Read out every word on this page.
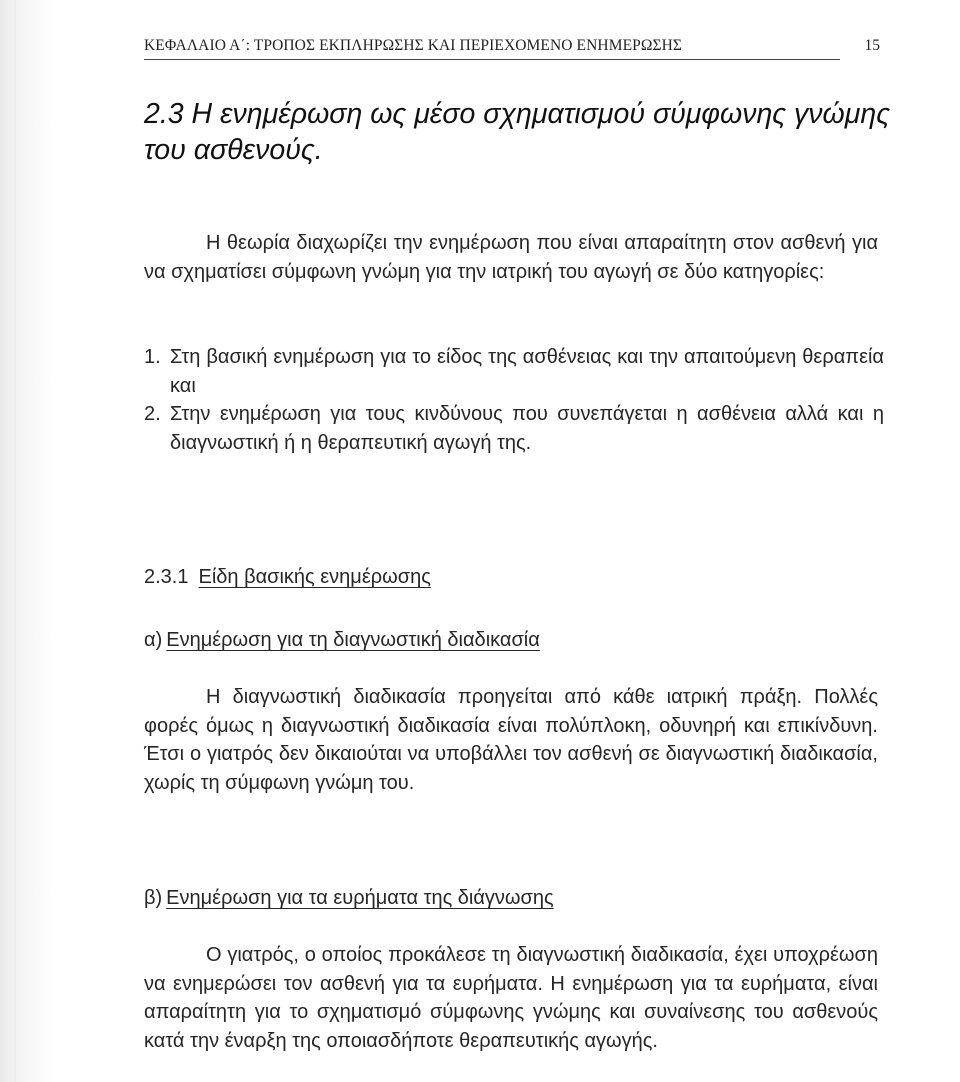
ΚΕΦΑΛΑΙΟ Α΄: ΤΡΟΠΟΣ ΕΚΠΛΗΡΩΣΗΣ ΚΑΙ ΠΕΡΙΕΧΟΜΕΝΟ ΕΝΗΜΕΡΩΣΗΣ	15
2.3 Η ενημέρωση ως μέσο σχηματισμού σύμφωνης γνώμης του ασθενούς.

Η θεωρία διαχωρίζει την ενημέρωση που είναι απαραίτητη στον ασθενή για να σχηματίσει σύμφωνη γνώμη για την ιατρική του αγωγή σε δύο κατηγορίες:

1. Στη βασική ενημέρωση για το είδος της ασθένειας και την απαιτούμενη θεραπεία και
2. Στην ενημέρωση για τους κινδύνους που συνεπάγεται η ασθένεια αλλά και η διαγνωστική ή η θεραπευτική αγωγή της.
2.3.1 Είδη βασικής ενημέρωσης
α) Ενημέρωση για τη διαγνωστική διαδικασία

Η διαγνωστική διαδικασία προηγείται από κάθε ιατρική πράξη. Πολλές φορές όμως η διαγνωστική διαδικασία είναι πολύπλοκη, οδυνηρή και επικίνδυνη. Έτσι ο γιατρός δεν δικαιούται να υποβάλλει τον ασθενή σε διαγνωστική διαδικασία, χωρίς τη σύμφωνη γνώμη του.

β) Ενημέρωση για τα ευρήματα της διάγνωσης

Ο γιατρός, ο οποίος προκάλεσε τη διαγνωστική διαδικασία, έχει υποχρέωση να ενημερώσει τον ασθενή για τα ευρήματα. Η ενημέρωση για τα ευρήματα, είναι απαραίτητη για το σχηματισμό σύμφωνης γνώμης και συναίνεσης του ασθενούς κατά την έναρξη της οποιασδήποτε θεραπευτικής αγωγής.
